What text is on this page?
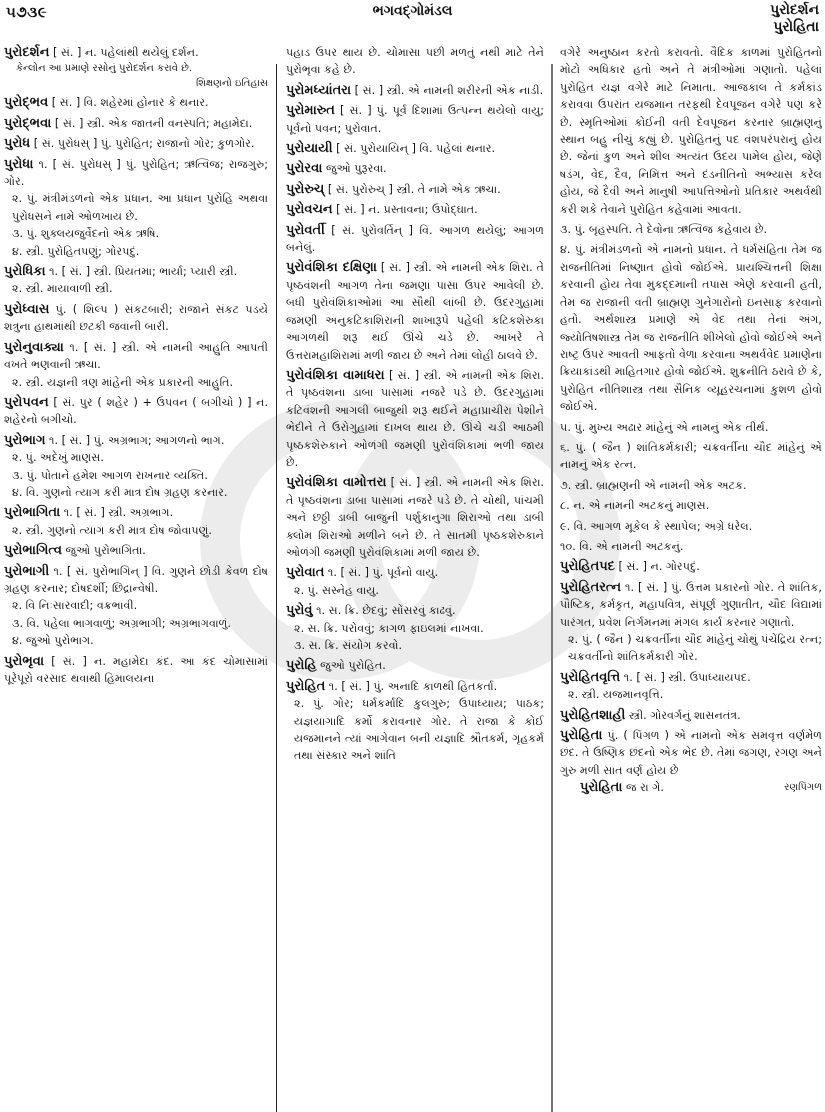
૫૭૩૯	ભગવદ્ગોમંડલ	પુરોદર્શન
પુરોહિતા
પુરોદર્શન [ સં. ] ન. પહેલાંથી થયેલું દર્શન.
કેન્લોન આ પ્રમાણે રસોનું પુરોદર્શન કરાવે છે.
શિક્ષણનો ઇતિહાસ
પુરોદ્ભવ [ સં. ] વિ. શહેરમાં હોનાર કે થનાર.
પુરોદ્ભવા [ સં. ] સ્ત્રી. એક જાતની વનસ્પતિ; મહામેદા.
પુરોધ [ સં. પુરોધસ્ ] પું. પુરોહિત; રાજાનો ગોર; કુળગોર.
પુરોધા ૧. [ સં. પુરોધસ્ ] પું. પુરોહિત; ઋત્વિજ; રાજગુરુ; ગોર.
૨. પું. મંત્રીમંડળનો એક પ્રધાન. આ પ્રધાન પુરોહિ અથવા પુરોધસને નામે ઓળખાય છે.
૩. પું. શુક્લયજુર્વેદનો એક ઋષિ.
૪. સ્ત્રી. પુરોહિતપણું; ગોરપદું.
પુરોધિકા ૧. [ સં. ] સ્ત્રી. પ્રિયતમા; ભાર્યા; પ્યારી સ્ત્રી.
૨. સ્ત્રી. માયાવાળી સ્ત્રી.
પુરોધ્વાસ પું. ( શિલ્પ ) સંકટબારી; રાજાને સંકટ પડયે શત્રુના હાથમાંથી છટકી જવાની બારી.
પુરોનુવાક્યા ૧. [ સં. ] સ્ત્રી. એ નામની આહુતિ આપતી વખતે ભણવાની ઋચા.
૨. સ્ત્રી. યજ્ઞની ત્રણ માંહેની એક પ્રકારની આહુતિ.
પુરોપવન [ સં. પુર ( શહેર ) + ઉપવન ( બગીચો ) ] ન. શહેરનો બગીચો.
પુરોભાગ ૧. [ સં. ] પું. અગ્રભાગ; આગળનો ભાગ.
૨. પું. અદેખું માણસ.
૩. પું. પોતાને હમેશ આગળ રાખનાર વ્યક્તિ.
૪. વિ. ગુણનો ત્યાગ કરી માત્ર દોષ ગ્રહણ કરનાર.
પુરોભાગિતા ૧. [ સં. ] સ્ત્રી. અગ્રભાગ.
૨. સ્ત્રી. ગુણનો ત્યાગ કરી માત્ર દોષ જોવાપણું.
પુરોભાગિત્વ જુઓ પુરોભાગિતા.
પુરોભાગી ૧. [ સં. પુરોભાગિન્ ] વિ. ગુણને છોડી કેવળ દોષ ગ્રહણ કરનાર; દોષદર્શી; છિદ્રાન્વેષી.
૨. વિ નિઃસારવાદી; વક્રભાવી.
૩. વિ. પહેલા ભાગવાળું; અગ્રભાગી; અગ્રભાગવાળું.
૪. જુઓ પુરોભાગ.
પુરોભૃવા [ સં. ] ન. મહામેદા કંદ. આ કંદ ચોમાસામાં પૂરેપૂરો વરસાદ થવાથી હિમાલયના
પહાડ ઉપર થાય છે. ચોમાસા પછી મળતું નથી માટે તેને પુરોભૃવા કહે છે.
પુરોમધ્યાંતરા [ સં. ] સ્ત્રી. એ નામની શરીરની એક નાડી.
પુરોમારુત [ સં. ] પું. પૂર્વ દિશામાં ઉત્પન્ન થયેલો વાયુ; પૂર્વનો પવન; પુરોવાત.
પુરોયાયી [ સં. પુરોયાયિન્ ] વિ. પહેલાં થનાર.
પુરોરવા જુઓ પુરૂરવા.
પુરોરુચ્ [ સં. પુરોરુચ્ ] સ્ત્રી. તે નામે એક ઋચા.
પુરોવચન [ સં. ] ન. પ્રસ્તાવના; ઉપોદ્ઘાત.
પુરોવર્તી [ સં. પુરોવર્તિન્ ] વિ. આગળ થયેલું; આગળ બનેલું.
પુરોવંશિકા દક્ષિણા [ સં. ] સ્ત્રી. એ નામની એક શિરા. તે પૃષ્ઠવંશની આગળ તેના જમણા પાસા ઉપર આવેલી છે. બધી પુરોવંશિકાઓમાં આ સૌથી લાંબી છે. ઉદરગુહામાં જમણી અનુકટિકાશિરાની શાખારૂપે પહેલી કટિકશેરુકા આગળથી શરૂ થઈ ઊંચે ચડે છે. આખરે તે ઉત્તરામહાશિરામાં મળી જાય છે અને તેમાં લોહી ઠાલવે છે.
પુરોવંશિકા વામાધરા [ સં. ] સ્ત્રી. એ નામની એક શિરા. તે પૃષ્ઠવંશના ડાબા પાસામાં નજરે પડે છે. ઉદરગુહામાં કટિવંશની આગલી બાજુથી શરૂ થઈને મહાપ્રાચીરા પેશીને ભેદીને તે ઉરોગુહામાં દાખલ થાય છે. ઊંચે ચડી આઠમી પૃષ્ઠકશેરુકાને ઓળંગી જમણી પુરોવંશિકામાં ભળી જાય છે.
પુરોવંશિકા વામોત્તરા [ સં. ] સ્ત્રી. એ નામની એક શિરા. તે પૃષ્ઠવંશના ડાબા પાસામાં નજરે પડે છે. તે ચોથી, પાંચમી અને છઠ્ઠી ડાબી બાજુની પર્શુકાનુગા શિરાઓ તથા ડાબી ક્લોમ શિરાઓ મળીને બને છે. તે સાતમી પૃષ્ઠકશેરુકાને ઓળંગી જમણી પુરોવંશિકામાં મળી જાય છે.
પુરોવાત ૧. [ સં. ] પું. પૂર્વનો વાયુ.
૨. પું. સસ્નેહ વાયુ.
પુરોવું ૧. સ. ક્રિ. છેદવું; સોંસરવું કાઢવું.
૨. સ. ક્રિ. પરોવવું; કાગળ ફાઇલમાં નાખવા.
૩. સ. ક્રિ. સંયોગ કરવો.
પુરોહિ જુઓ પુરોહિત.
પુરોહિત ૧. [ સં. ] પું. અનાદિ કાળથી હિતકર્તા.
૨. પું. ગોર; ધર્મકર્માદિ કુલગુરુ; ઉપાધ્યાય; પાઠક; યજ્ઞયાગાદિ કર્મો કરાવનાર ગોર. તે રાજા કે કોઈ યજમાનને ત્યાં આગેવાન બની યજ્ઞાદિ શ્રૌતકર્મ, ગૃહકર્મ તથા સંસ્કાર અને શાંતિ
વગેરે અનુષ્ઠાન કરતો કરાવતો. વૈદિક કાળમાં પુરોહિતનો મોટો અધિકાર હતો અને તે મંત્રીઓમાં ગણાતો. પહેલાં પુરોહિત યજ્ઞ વગેરે માટે નિમાતા. આજકાલ તે કર્મકાંડ કરાવવા ઉપરાંત યજમાન તરફથી દેવપૂજન વગેરે પણ કરે છે. સ્મૃતિઓમાં કોઈની વતી દેવપૂજન કરનાર બ્રાહ્મણનું સ્થાન બહુ નીચું કહ્યું છે. પુરોહિતનું પદ વંશપરંપરાનું હોય છે. જેનાં કુળ અને શીલ અત્યંત ઉદય પામેલ હોય, જેણે ષડંગ, વેદ, દૈવ, નિમિત્ત અને દંડનીતિનો અભ્યાસ કરેલ હોય, જે દૈવી અને માનુષી આપત્તિઓનો પ્રતિકાર અથર્વથી કરી શકે તેવાને પુરોહિત કહેવામાં આવતા.
૩. પું. બૃહસ્પતિ. તે દેવોના ઋત્વિજ કહેવાય છે.
૪. પું. મંત્રીમંડળનો એ નામનો પ્રધાન. તે ધર્મસંહિતા તેમ જ રાજનીતિમાં નિષ્ણાત હોવો જોઈએ. પ્રાયશ્ચિત્તની શિક્ષા કરવાની હોય તેવા મુકદ્દમાની તપાસ એણે કરવાની હતી, તેમ જ રાજાની વતી બ્રાહ્મણ ગુનેગારોનો ઇનસાફ કરવાનો હતો. અર્થશાસ્ત્ર પ્રમાણે એ વેદ તથા તેનાં અંગ, જ્યોતિષશાસ્ત્ર તેમ જ રાજનીતિ શીખેલો હોવો જોઈએ અને રાષ્ટ્ર ઉપર આવતી આફતો વેળા કરવાના અથર્વવેદ પ્રમાણેના ક્રિયાકાંડથી માહિતગાર હોવો જોઈએ. શુક્રનીતિ ઠરાવે છે કે, પુરોહિત નીતિશાસ્ત્ર તથા સૈનિક વ્યૂહરચનામાં કુશળ હોવો જોઈએ.
૫. પું. મુખ્ય અઢાર માંહેનું એ નામનું એક તીર્થ.
૬. પું. ( જૈન ) શાંતિકર્મકારી; ચક્રવર્તીના ચૌદ માંહેનું એ નામનું એક રત્ન.
૭. સ્ત્રી. બ્રાહ્મણની એ નામની એક અટક.
૮. ન. એ નામની અટકનું માણસ.
૯. વિ. આગળ મૂકેલ કે સ્થાપેલ; અગ્રે ધરેલ.
૧૦. વિ. એ નામની અટકનું.
પુરોહિતપદ [ સં. ] ન. ગોરપદું.
પુરોહિતરત્ન ૧. [ સં. ] પું. ઉત્તમ પ્રકારનો ગોર. તે શાંતિક, પૌષ્ટિક, કર્મકૃત, મહાપવિત્ર, સંપૂર્ણ ગુણાતીત, ચૌદ વિદ્યામાં પારંગત, પ્રવેશ નિર્ગમનમાં મંગલ કાર્ય કરનાર ગણાતો.
૨. પું. ( જૈન ) ચક્રવર્તીના ચૌદ માંહેનું ચોથું પંચેંદ્રિય રત્ન; ચક્રવર્તીનો શાંતિકર્મકારી ગોર.
પુરોહિતવૃત્તિ ૧. [ સં. ] સ્ત્રી. ઉપાધ્યાયપદ.
૨. સ્ત્રી. યજમાનવૃત્તિ.
પુરોહિતશાહી સ્ત્રી. ગોરવર્ગનું શાસનતંત્ર.
પુરોહિતા પું. ( પિંગળ ) એ નામનો એક સમવૃત્ત વર્ણમેળ છંદ. તે ઉષ્ણિક છંદનો એક ભેદ છે. તેમાં જગણ, રગણ અને ગુરુ મળી સાત વર્ણ હોય છે
પુરોહિતા જ રા ગે.	રણપિંગળ
